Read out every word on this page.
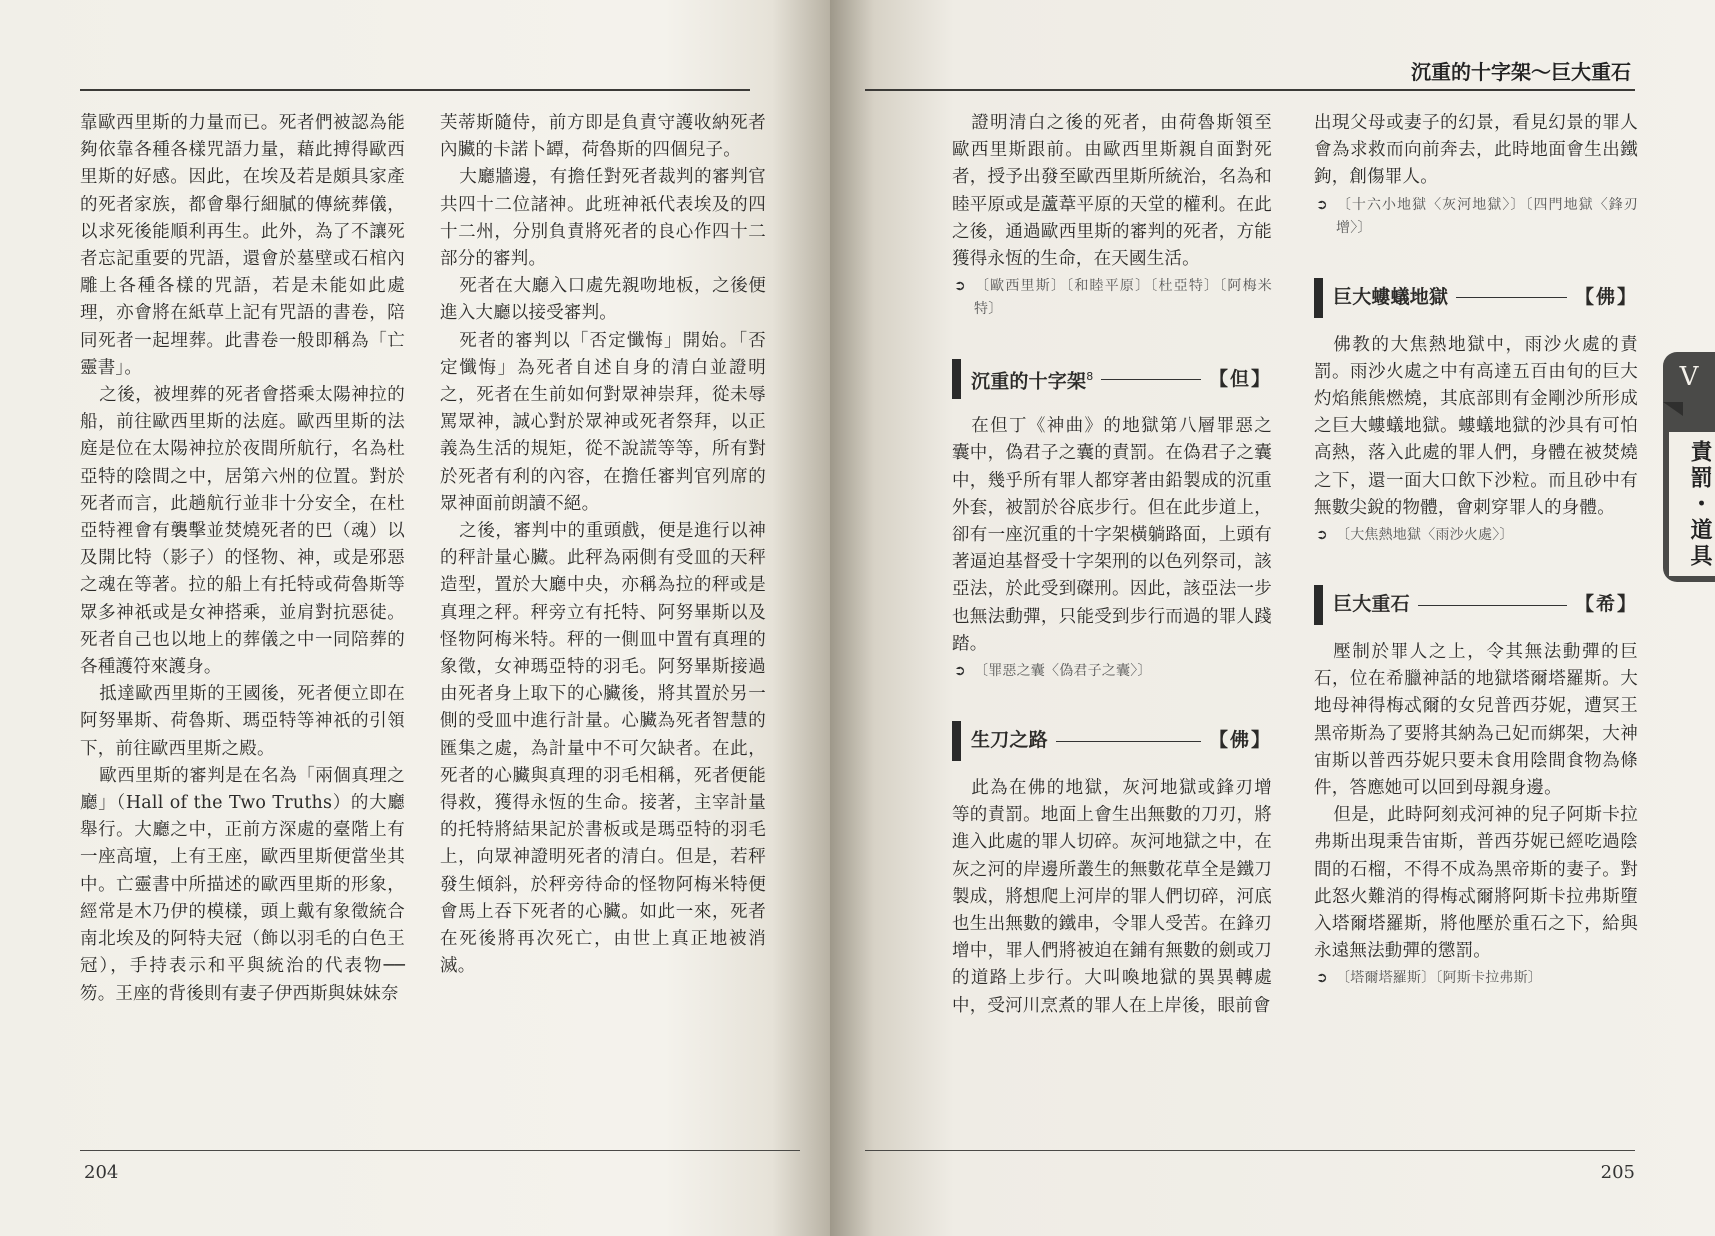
靠歐西里斯的力量而已。死者們被認為能夠依靠各種各樣咒語力量，藉此搏得歐西里斯的好感。因此，在埃及若是頗具家產的死者家族，都會舉行細膩的傳統葬儀，以求死後能順利再生。此外，為了不讓死者忘記重要的咒語，還會於墓壁或石棺內雕上各種各樣的咒語，若是未能如此處理，亦會將在紙草上記有咒語的書卷，陪同死者一起埋葬。此書卷一般即稱為「亡靈書」。

之後，被埋葬的死者會搭乘太陽神拉的船，前往歐西里斯的法庭。歐西里斯的法庭是位在太陽神拉於夜間所航行，名為杜亞特的陰間之中，居第六州的位置。對於死者而言，此趟航行並非十分安全，在杜亞特裡會有襲擊並焚燒死者的巴（魂）以及開比特（影子）的怪物、神，或是邪惡之魂在等著。拉的船上有托特或荷魯斯等眾多神祇或是女神搭乘，並肩對抗惡徒。死者自己也以地上的葬儀之中一同陪葬的各種護符來護身。

抵達歐西里斯的王國後，死者便立即在阿努畢斯、荷魯斯、瑪亞特等神祇的引領下，前往歐西里斯之殿。

歐西里斯的審判是在名為「兩個真理之廳」（Hall of the Two Truths）的大廳舉行。大廳之中，正前方深處的臺階上有一座高壇，上有王座，歐西里斯便當坐其中。亡靈書中所描述的歐西里斯的形象，經常是木乃伊的模樣，頭上戴有象徵統合南北埃及的阿特夫冠（飾以羽毛的白色王冠），手持表示和平與統治的代表物──笏。王座的背後則有妻子伊西斯與妹妹奈

芙蒂斯隨侍，前方即是負責守護收納死者內臟的卡諾卜罈，荷魯斯的四個兒子。

大廳牆邊，有擔任對死者裁判的審判官共四十二位諸神。此班神祇代表埃及的四十二州，分別負責將死者的良心作四十二部分的審判。

死者在大廳入口處先親吻地板，之後便進入大廳以接受審判。

死者的審判以「否定懺悔」開始。「否定懺悔」為死者自述自身的清白並證明之，死者在生前如何對眾神崇拜，從未辱罵眾神，誠心對於眾神或死者祭拜，以正義為生活的規矩，從不說謊等等，所有對於死者有利的內容，在擔任審判官列席的眾神面前朗讀不絕。

之後，審判中的重頭戲，便是進行以神的秤計量心臟。此秤為兩側有受皿的天秤造型，置於大廳中央，亦稱為拉的秤或是真理之秤。秤旁立有托特、阿努畢斯以及怪物阿梅米特。秤的一側皿中置有真理的象徵，女神瑪亞特的羽毛。阿努畢斯接過由死者身上取下的心臟後，將其置於另一側的受皿中進行計量。心臟為死者智慧的匯集之處，為計量中不可欠缺者。在此，死者的心臟與真理的羽毛相稱，死者便能得救，獲得永恆的生命。接著，主宰計量的托特將結果記於書板或是瑪亞特的羽毛上，向眾神證明死者的清白。但是，若秤發生傾斜，於秤旁待命的怪物阿梅米特便會馬上吞下死者的心臟。如此一來，死者在死後將再次死亡，由世上真正地被消滅。

204
沉重的十字架～巨大重石

證明清白之後的死者，由荷魯斯領至歐西里斯跟前。由歐西里斯親自面對死者，授予出發至歐西里斯所統治，名為和睦平原或是蘆葦平原的天堂的權利。在此之後，通過歐西里斯的審判的死者，方能獲得永恆的生命，在天國生活。

➲ 〔歐西里斯〕〔和睦平原〕〔杜亞特〕〔阿梅米特〕
沉重的十字架$^8$	【但】

在但丁《神曲》的地獄第八層罪惡之囊中，偽君子之囊的責罰。在偽君子之囊中，幾乎所有罪人都穿著由鉛製成的沉重外套，被罰於谷底步行。但在此步道上，卻有一座沉重的十字架橫躺路面，上頭有著逼迫基督受十字架刑的以色列祭司，該亞法，於此受到磔刑。因此，該亞法一步也無法動彈，只能受到步行而過的罪人踐踏。

➲ 〔罪惡之囊〈偽君子之囊〉〕
生刀之路	【佛】

此為在佛的地獄，灰河地獄或鋒刃增等的責罰。地面上會生出無數的刀刃，將進入此處的罪人切碎。灰河地獄之中，在灰之河的岸邊所叢生的無數花草全是鐵刀製成，將想爬上河岸的罪人們切碎，河底也生出無數的鐵串，令罪人受苦。在鋒刃增中，罪人們將被迫在鋪有無數的劍或刀的道路上步行。大叫喚地獄的異異轉處中，受河川烹煮的罪人在上岸後，眼前會

出現父母或妻子的幻景，看見幻景的罪人會為求救而向前奔去，此時地面會生出鐵鉤，創傷罪人。

➲ 〔十六小地獄〈灰河地獄〉〕〔四門地獄〈鋒刃增〉〕
巨大螻蟻地獄	【佛】

佛教的大焦熱地獄中，雨沙火處的責罰。雨沙火處之中有高達五百由旬的巨大灼焰熊熊燃燒，其底部則有金剛沙所形成之巨大螻蟻地獄。螻蟻地獄的沙具有可怕高熱，落入此處的罪人們，身體在被焚燒之下，還一面大口飲下沙粒。而且砂中有無數尖銳的物體，會刺穿罪人的身體。

➲ 〔大焦熱地獄〈雨沙火處〉〕
巨大重石	【希】

壓制於罪人之上，令其無法動彈的巨石，位在希臘神話的地獄塔爾塔羅斯。大地母神得梅忒爾的女兒普西芬妮，遭冥王黑帝斯為了要將其納為己妃而綁架，大神宙斯以普西芬妮只要未食用陰間食物為條件，答應她可以回到母親身邊。

但是，此時阿刻戎河神的兒子阿斯卡拉弗斯出現秉告宙斯，普西芬妮已經吃過陰間的石榴，不得不成為黑帝斯的妻子。對此怒火難消的得梅忒爾將阿斯卡拉弗斯墮入塔爾塔羅斯，將他壓於重石之下，給與永遠無法動彈的懲罰。

➲ 〔塔爾塔羅斯〕〔阿斯卡拉弗斯〕
V
責罰・道具
205
